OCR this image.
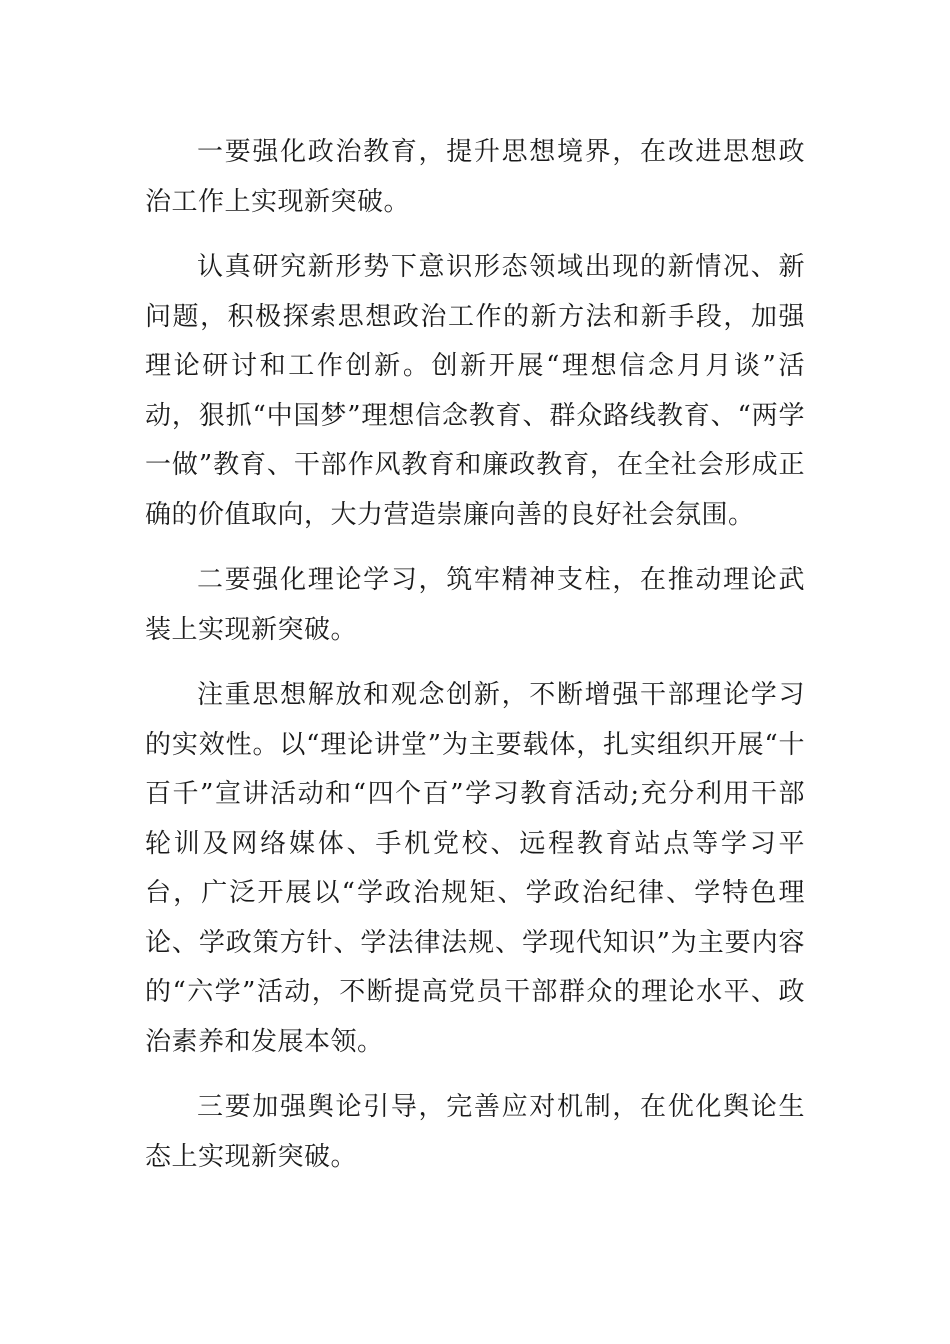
一要强化政治教育，提升思想境界，在改进思想政治工作上实现新突破。

认真研究新形势下意识形态领域出现的新情况、新问题，积极探索思想政治工作的新方法和新手段，加强理论研讨和工作创新。创新开展“理想信念月月谈”活动，狠抓“中国梦”理想信念教育、群众路线教育、“两学一做”教育、干部作风教育和廉政教育，在全社会形成正确的价值取向，大力营造崇廉向善的良好社会氛围。

二要强化理论学习，筑牢精神支柱，在推动理论武装上实现新突破。

注重思想解放和观念创新，不断增强干部理论学习的实效性。以“理论讲堂”为主要载体，扎实组织开展“十百千”宣讲活动和“四个百”学习教育活动;充分利用干部轮训及网络媒体、手机党校、远程教育站点等学习平台，广泛开展以“学政治规矩、学政治纪律、学特色理论、学政策方针、学法律法规、学现代知识”为主要内容的“六学”活动，不断提高党员干部群众的理论水平、政治素养和发展本领。

三要加强舆论引导，完善应对机制，在优化舆论生态上实现新突破。
